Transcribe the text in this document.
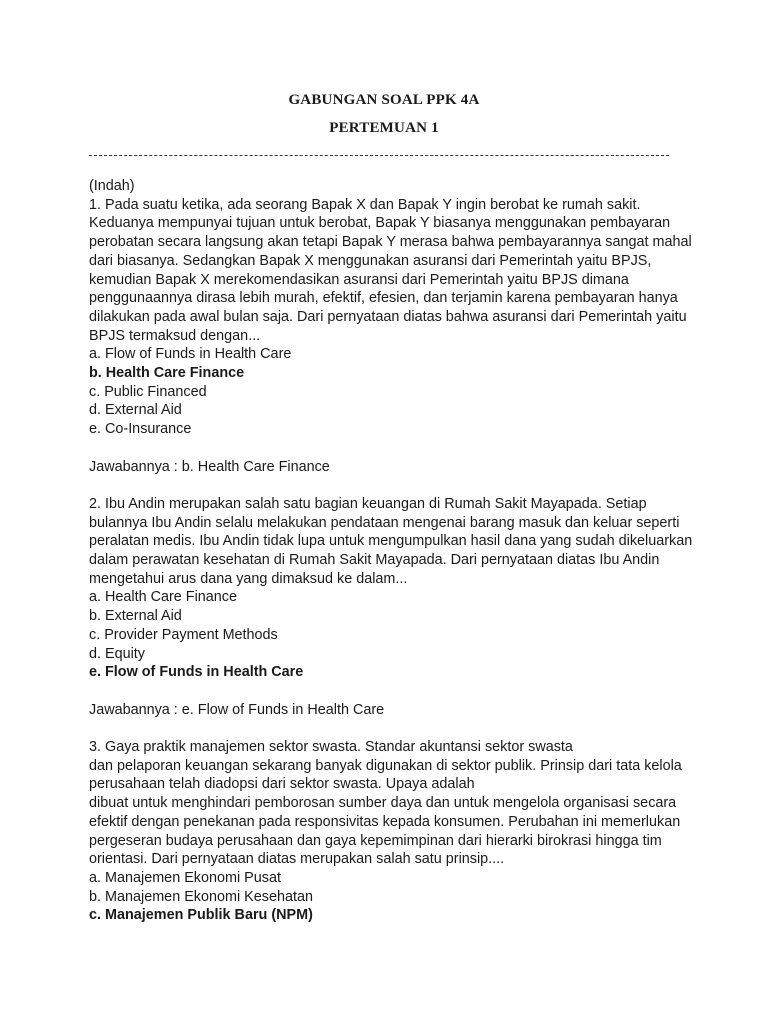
GABUNGAN SOAL PPK 4A
PERTEMUAN 1
(Indah)
1. Pada suatu ketika, ada seorang Bapak X dan Bapak Y ingin berobat ke rumah sakit.
Keduanya mempunyai tujuan untuk berobat, Bapak Y biasanya menggunakan pembayaran
perobatan secara langsung akan tetapi Bapak Y merasa bahwa pembayarannya sangat mahal
dari biasanya. Sedangkan Bapak X menggunakan asuransi dari Pemerintah yaitu BPJS,
kemudian Bapak X merekomendasikan asuransi dari Pemerintah yaitu BPJS dimana
penggunaannya dirasa lebih murah, efektif, efesien, dan terjamin karena pembayaran hanya
dilakukan pada awal bulan saja. Dari pernyataan diatas bahwa asuransi dari Pemerintah yaitu
BPJS termaksud dengan...
a. Flow of Funds in Health Care
b. Health Care Finance
c. Public Financed
d. External Aid
e. Co-Insurance
Jawabannya : b. Health Care Finance
2. Ibu Andin merupakan salah satu bagian keuangan di Rumah Sakit Mayapada. Setiap
bulannya Ibu Andin selalu melakukan pendataan mengenai barang masuk dan keluar seperti
peralatan medis. Ibu Andin tidak lupa untuk mengumpulkan hasil dana yang sudah dikeluarkan
dalam perawatan kesehatan di Rumah Sakit Mayapada. Dari pernyataan diatas Ibu Andin
mengetahui arus dana yang dimaksud ke dalam...
a. Health Care Finance
b. External Aid
c. Provider Payment Methods
d. Equity
e. Flow of Funds in Health Care
Jawabannya : e. Flow of Funds in Health Care
3. Gaya praktik manajemen sektor swasta. Standar akuntansi sektor swasta
dan pelaporan keuangan sekarang banyak digunakan di sektor publik. Prinsip dari tata kelola
perusahaan telah diadopsi dari sektor swasta. Upaya adalah
dibuat untuk menghindari pemborosan sumber daya dan untuk mengelola organisasi secara
efektif dengan penekanan pada responsivitas kepada konsumen. Perubahan ini memerlukan
pergeseran budaya perusahaan dan gaya kepemimpinan dari hierarki birokrasi hingga tim
orientasi. Dari pernyataan diatas merupakan salah satu prinsip....
a. Manajemen Ekonomi Pusat
b. Manajemen Ekonomi Kesehatan
c. Manajemen Publik Baru (NPM)
